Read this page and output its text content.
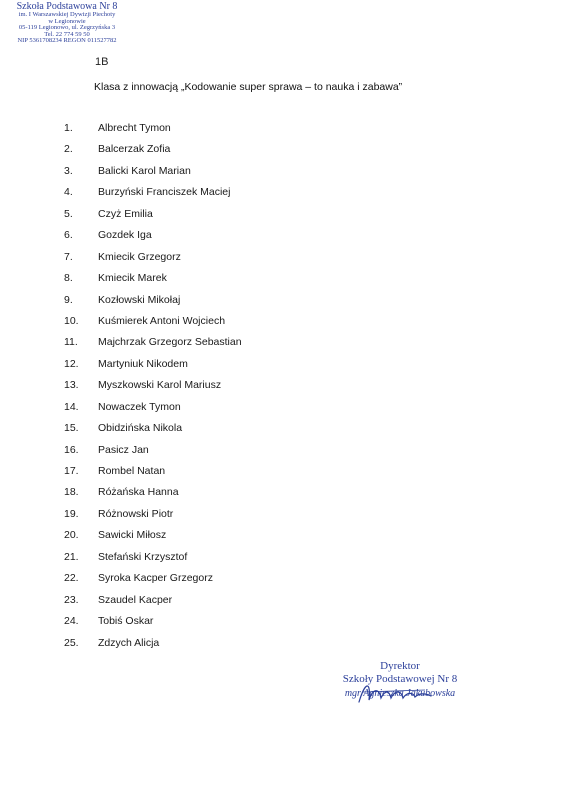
Szkoła Podstawowa Nr 8
im. I Warszawskiej Dywizji Piechoty
w Legionowie
05-119 Legionowo, ul. Zegrzyńska 3
Tel. 22 774 59 50
NIP 5361708234 REGON 011527782
1B
Klasa z innowacją „Kodowanie super sprawa – to nauka i zabawa”
1. Albrecht Tymon
2. Balcerzak Zofia
3. Balicki Karol Marian
4. Burzyński Franciszek Maciej
5. Czyż Emilia
6. Gozdek Iga
7. Kmiecik Grzegorz
8. Kmiecik Marek
9. Kozłowski Mikołaj
10. Kuśmierek Antoni Wojciech
11. Majchrzak Grzegorz Sebastian
12. Martyniuk Nikodem
13. Myszkowski Karol Mariusz
14. Nowaczek Tymon
15. Obidzińska Nikola
16. Pasicz Jan
17. Rombel Natan
18. Różańska Hanna
19. Różnowski Piotr
20. Sawicki Miłosz
21. Stefański Krzysztof
22. Syroka Kacper Grzegorz
23. Szaudel Kacper
24. Tobiś Oskar
25. Zdzych Alicja
Dyrektor
Szkoły Podstawowej Nr 8
mgr Agnieszka Jakubowska
